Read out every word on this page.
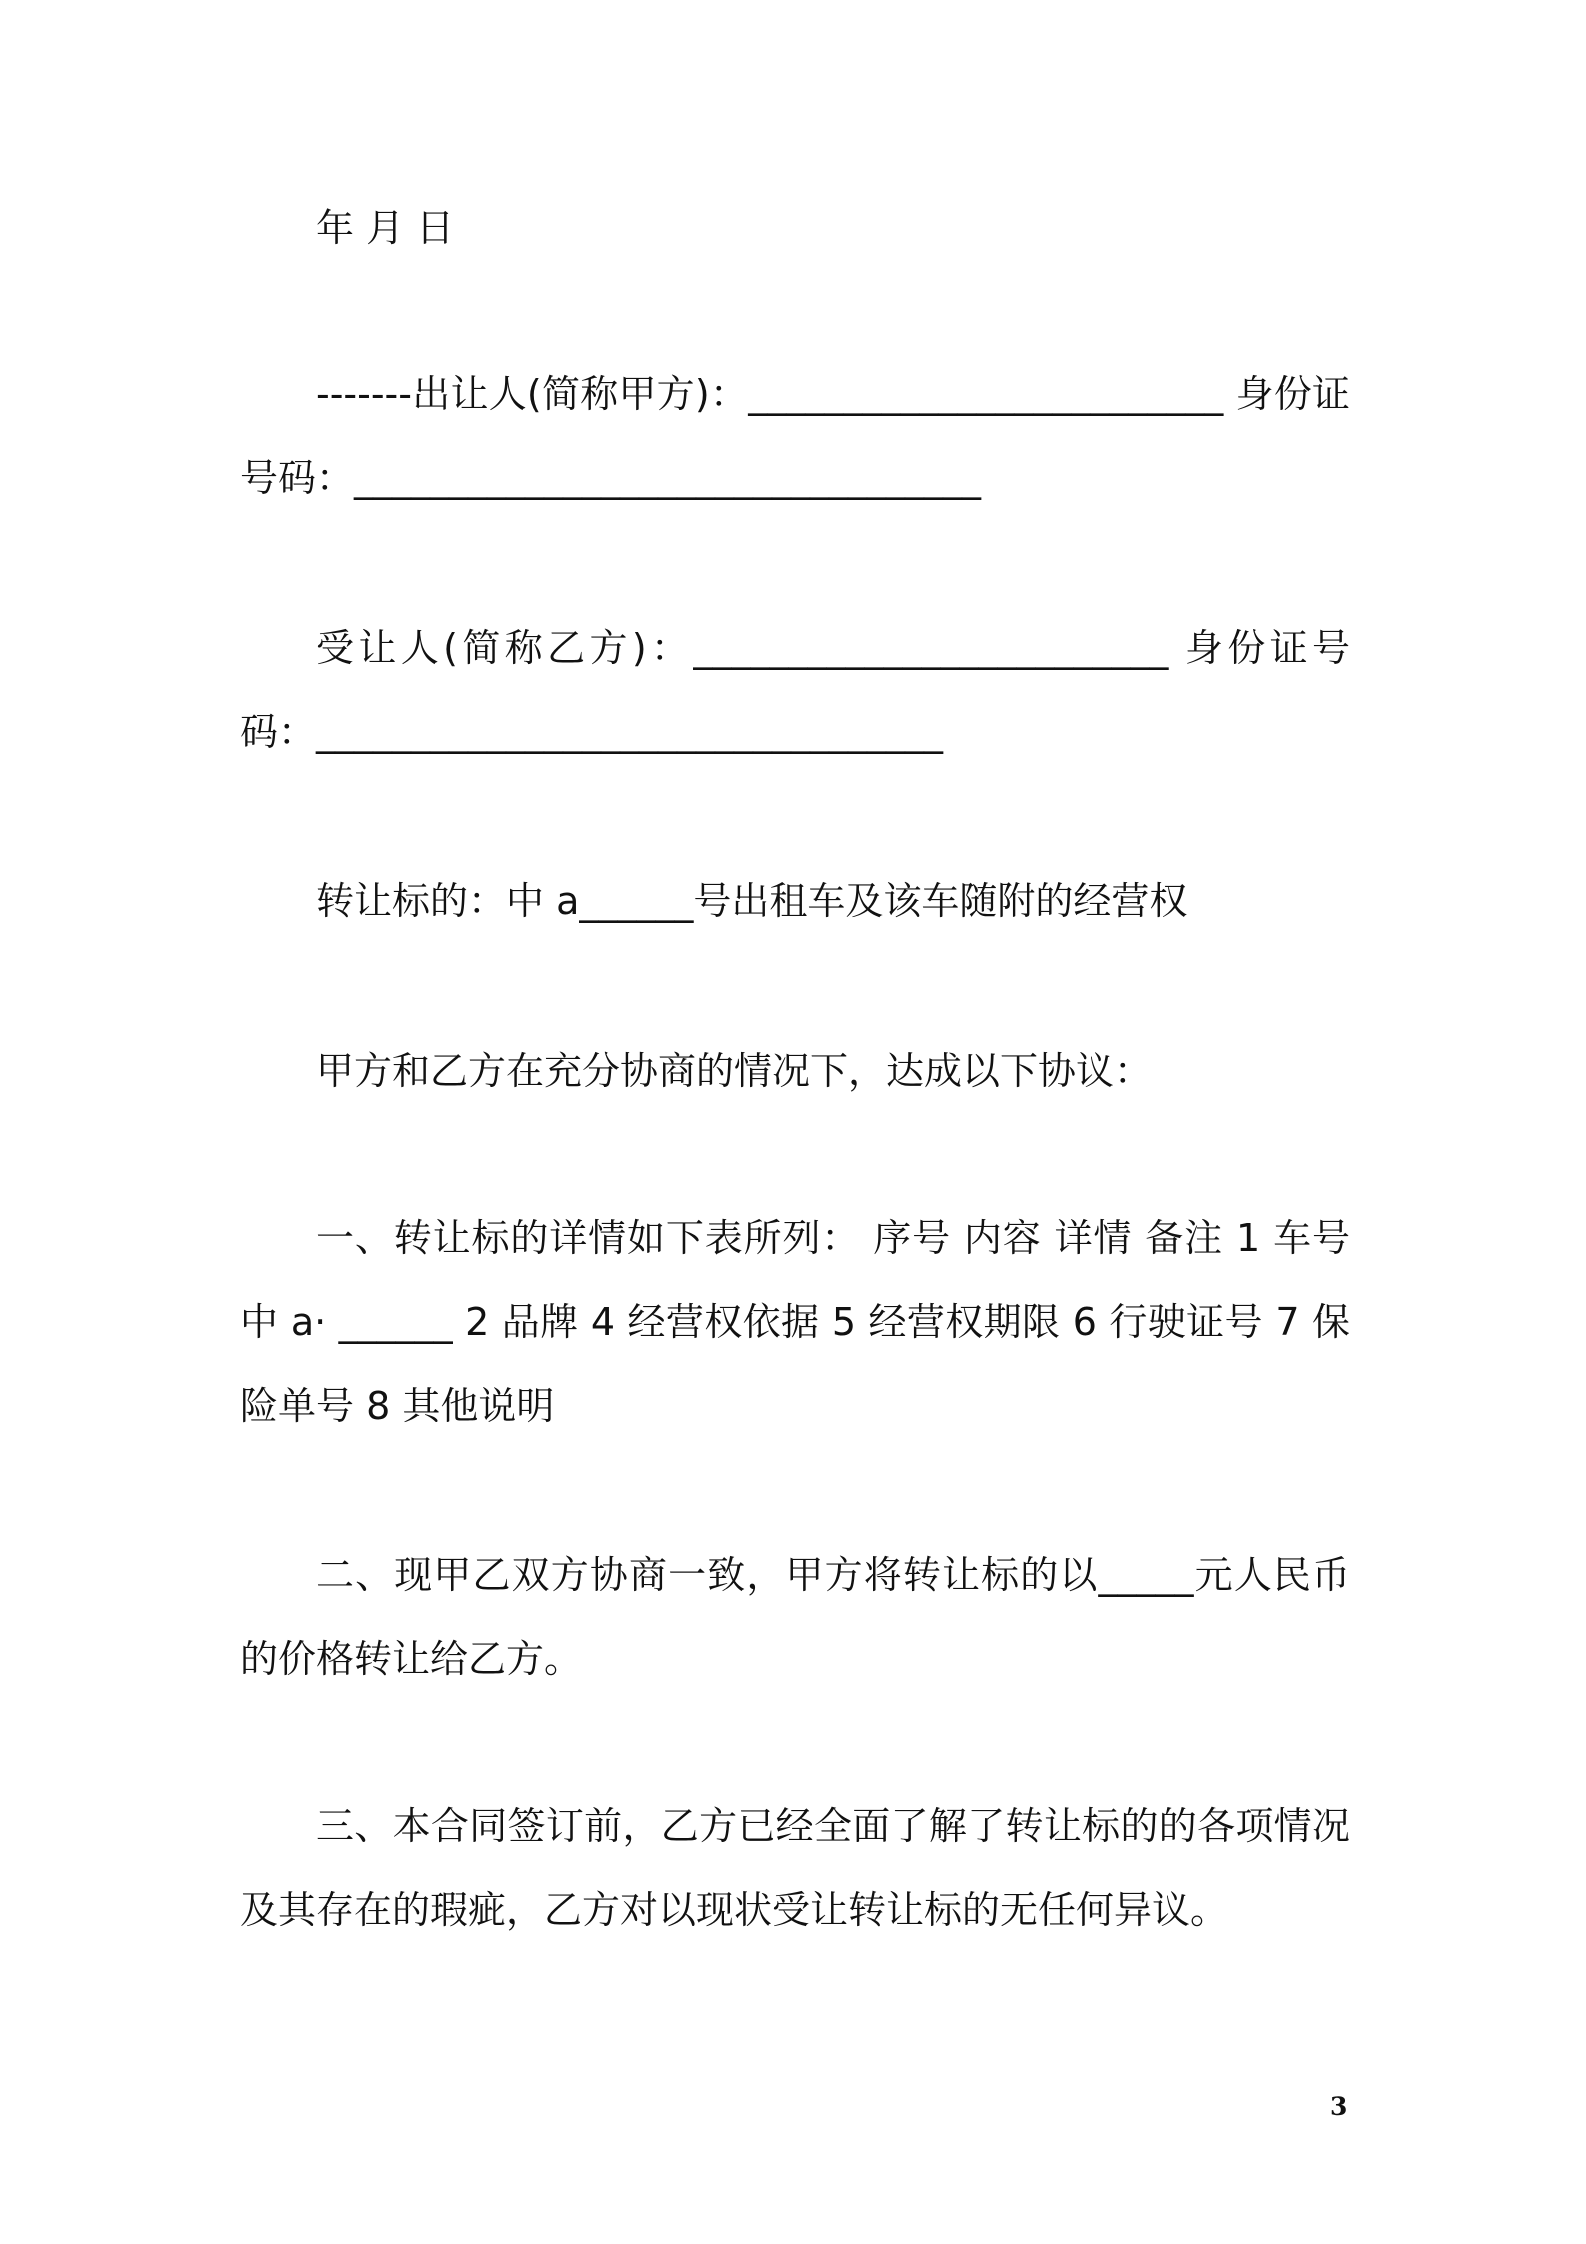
年 月 日

-------出让人(简称甲方)：_________________________ 身份证号码：_________________________________

受让人(简称乙方)：_________________________ 身份证号码：_________________________________

转让标的：中 a______号出租车及该车随附的经营权

甲方和乙方在充分协商的情况下，达成以下协议：

一、转让标的详情如下表所列： 序号 内容 详情 备注 1 车号 中 a· ______ 2 品牌 4 经营权依据 5 经营权期限 6 行驶证号 7 保险单号 8 其他说明

二、现甲乙双方协商一致，甲方将转让标的以_____元人民币的价格转让给乙方。

三、本合同签订前，乙方已经全面了解了转让标的的各项情况及其存在的瑕疵，乙方对以现状受让转让标的无任何异议。

3
